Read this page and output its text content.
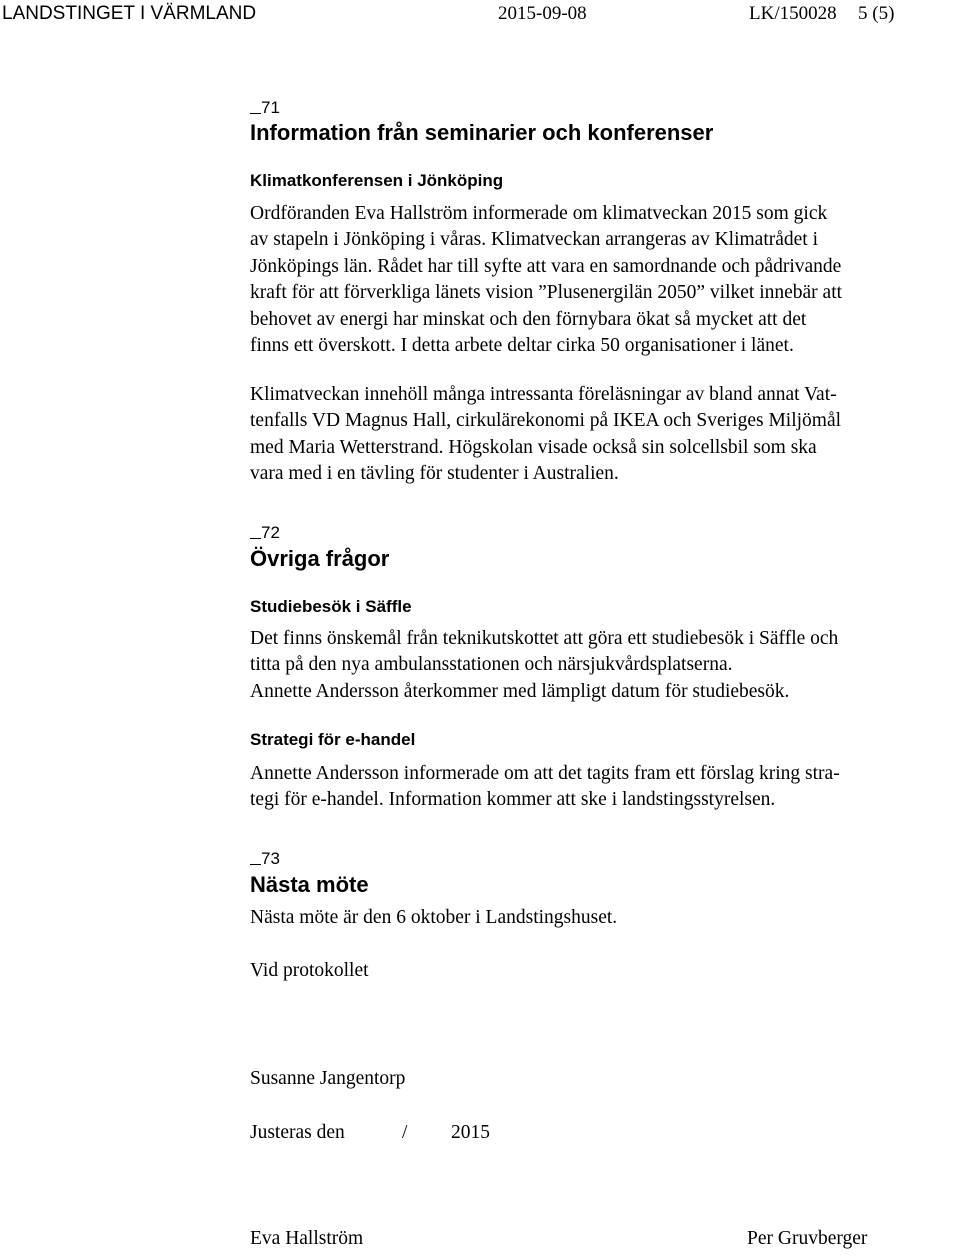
LANDSTINGET I VÄRMLAND	2015-09-08	LK/150028 5 (5)
71
Information från seminarier och konferenser
Klimatkonferensen i Jönköping
Ordföranden Eva Hallström informerade om klimatveckan 2015 som gick
av stapeln i Jönköping i våras. Klimatveckan arrangeras av Klimatrådet i
Jönköpings län. Rådet har till syfte att vara en samordnande och pådrivande
kraft för att förverkliga länets vision ”Plusenergilän 2050” vilket innebär att
behovet av energi har minskat och den förnybara ökat så mycket att det
finns ett överskott. I detta arbete deltar cirka 50 organisationer i länet.
Klimatveckan innehöll många intressanta föreläsningar av bland annat Vat-
tenfalls VD Magnus Hall, cirkulärekonomi på IKEA och Sveriges Miljömål
med Maria Wetterstrand. Högskolan visade också sin solcellsbil som ska
vara med i en tävling för studenter i Australien.
72
Övriga frågor
Studiebesök i Säffle
Det finns önskemål från teknikutskottet att göra ett studiebesök i Säffle och
titta på den nya ambulansstationen och närsjukvårdsplatserna.
Annette Andersson återkommer med lämpligt datum för studiebesök.
Strategi för e-handel
Annette Andersson informerade om att det tagits fram ett förslag kring stra-
tegi för e-handel. Information kommer att ske i landstingsstyrelsen.
73
Nästa möte
Nästa möte är den 6 oktober i Landstingshuset.
Vid protokollet
Susanne Jangentorp
Justeras den	/ 2015
Eva Hallström	Per Gruvberger
